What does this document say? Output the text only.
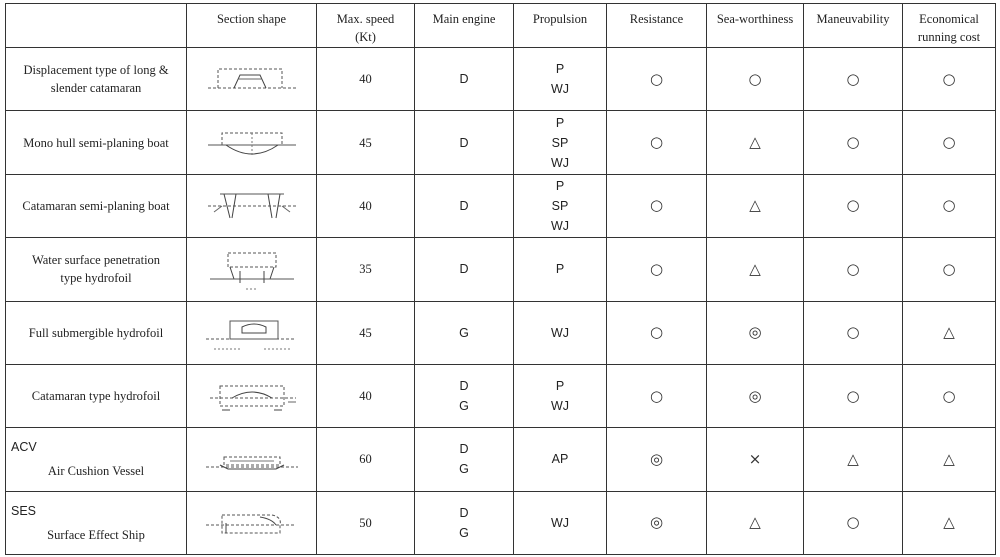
	Section shape	Max. speed
(Kt)	Main engine	Propulsion	Resistance	Sea-worthiness	Maneuvability	Economical
running cost

Displacement type of long &
slender catamaran		40	D	P
WJ	○	○	○	○

Mono hull semi-planing boat		45	D	P
SP
WJ	○	△	○	○

Catamaran semi-planing boat		40	D	P
SP
WJ	○	△	○	○

Water surface penetration
type hydrofoil		35	D	P	○	△	○	○

Full submergible hydrofoil		45	G	WJ	○	◎	○	△

Catamaran type hydrofoil		40	D
G	P
WJ	○	◎	○	○

ACV
Air Cushion Vessel		60	D
G	AP	◎	×	△	△

SES
Surface Effect Ship		50	D
G	WJ	◎	△	○	△
